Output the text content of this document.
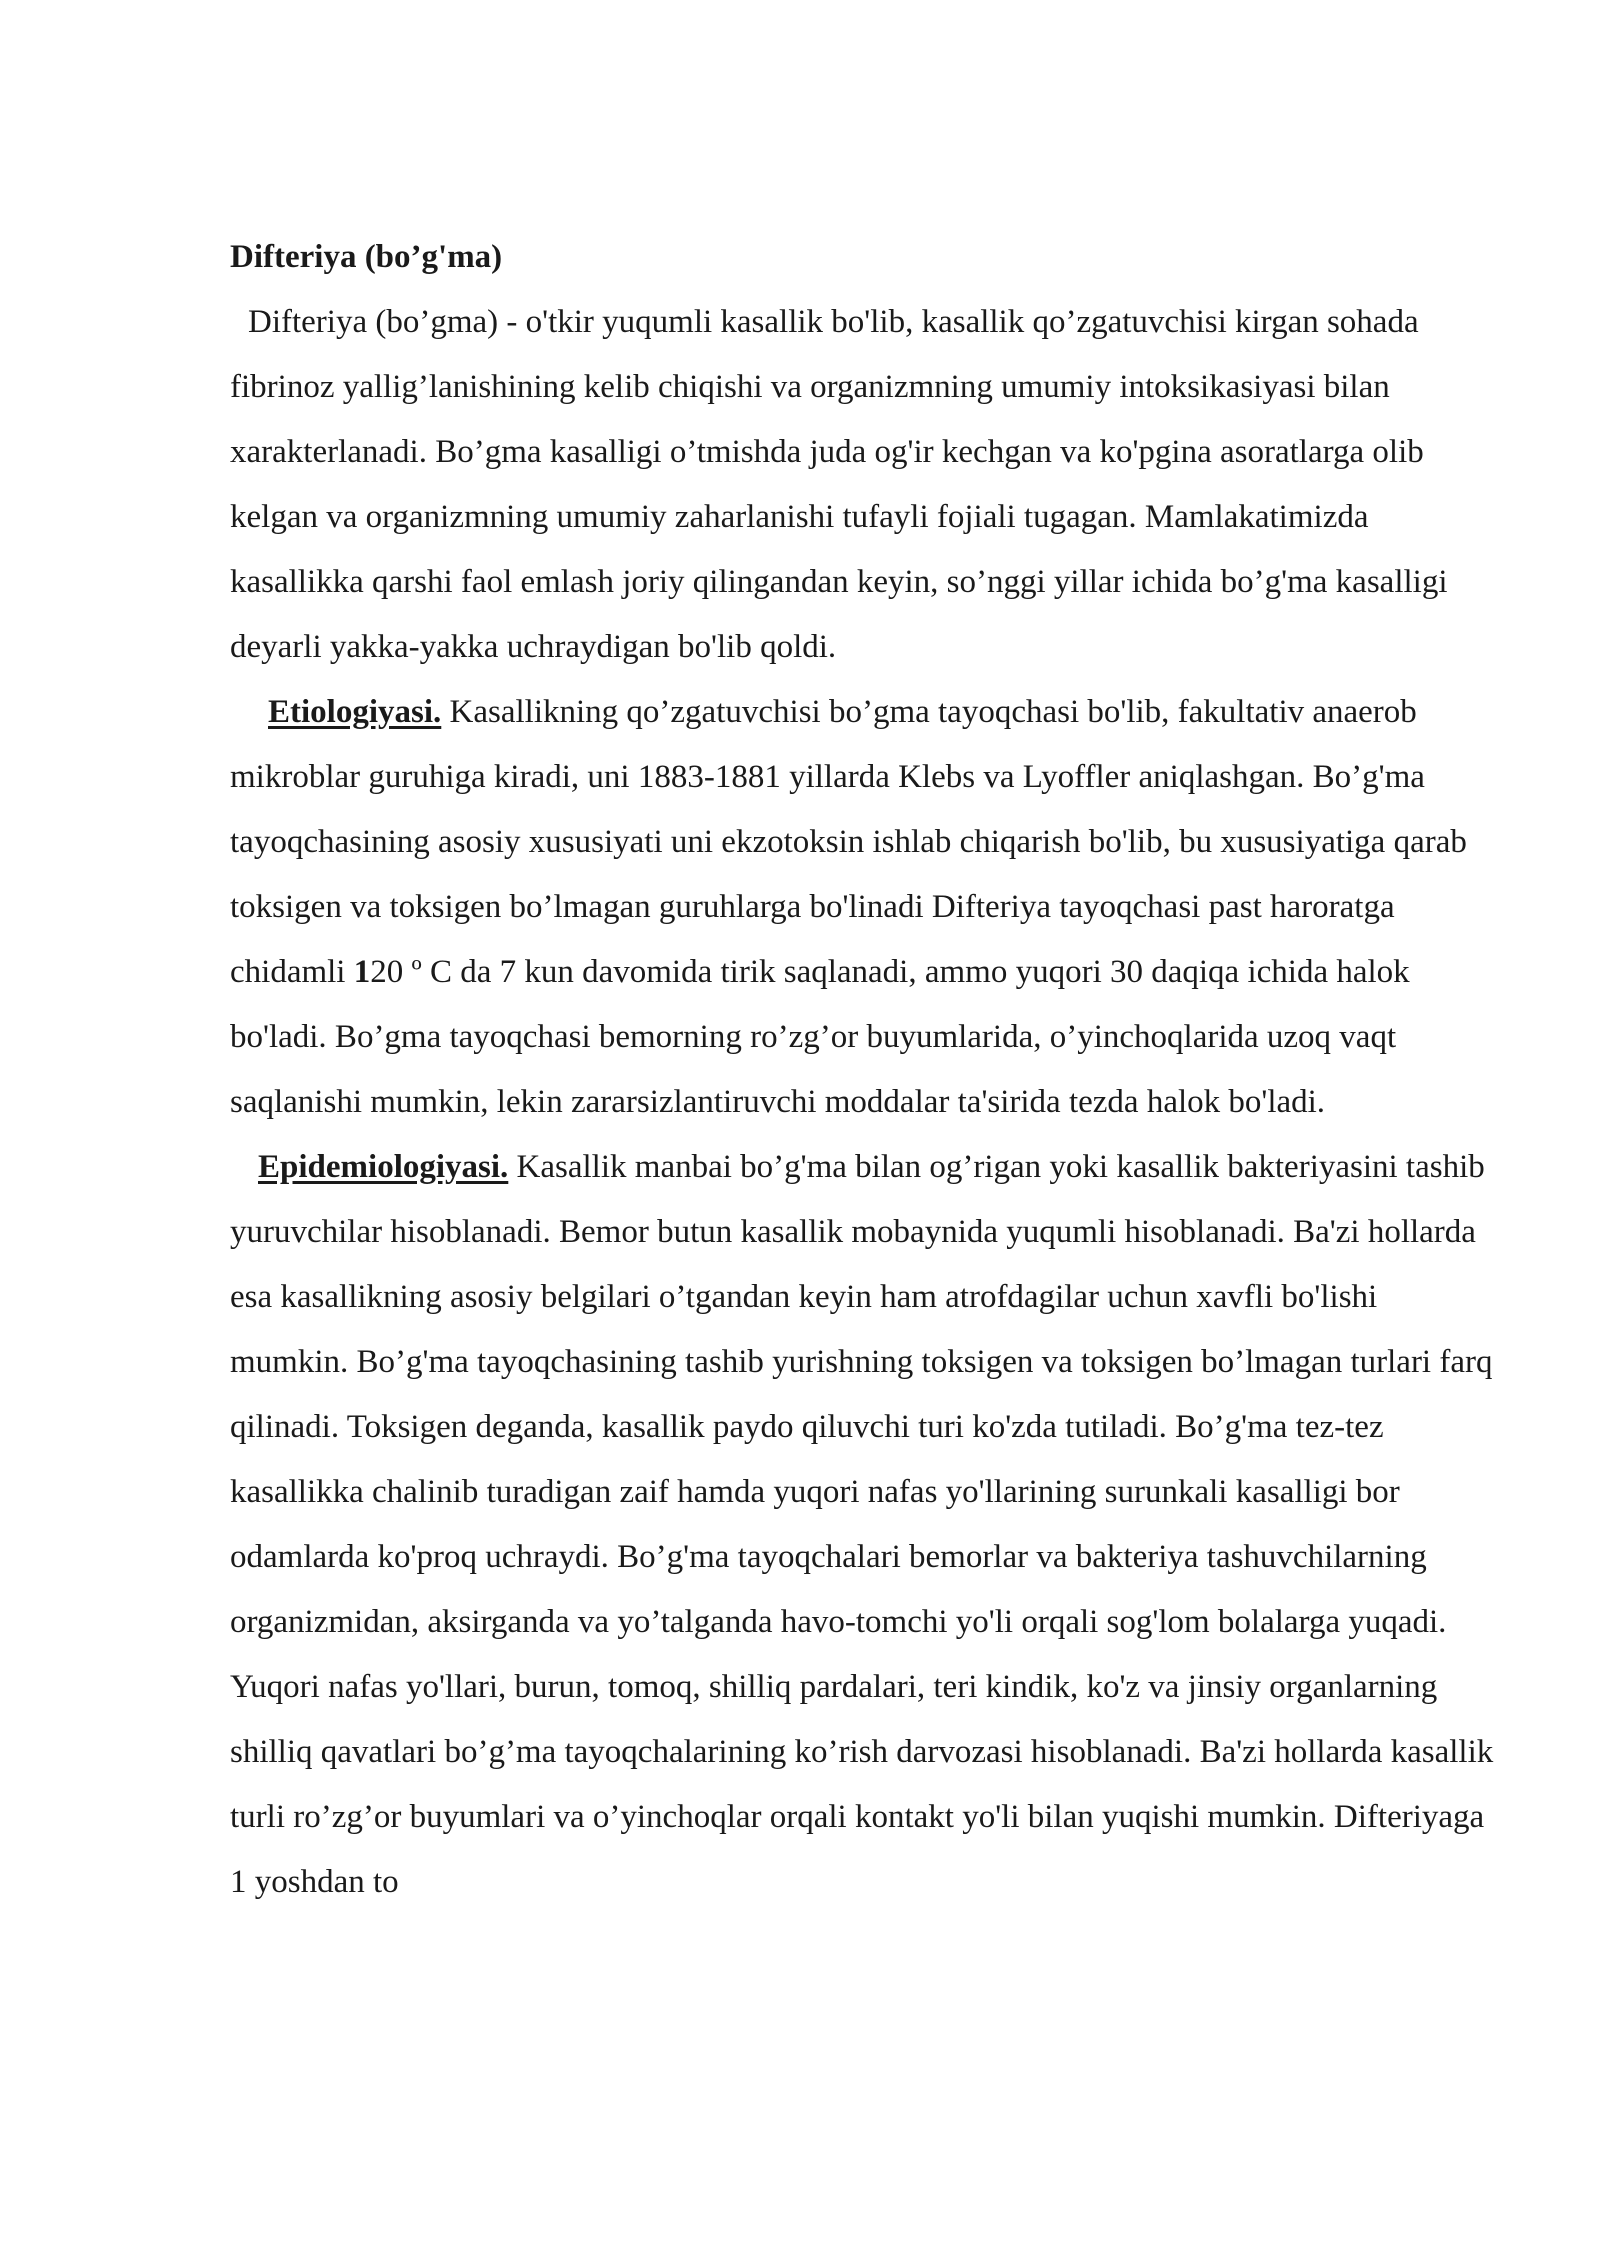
Difteriya (bo’g'ma)

Difteriya (bo’gma) - o'tkir yuqumli kasallik bo'lib, kasallik qo’zgatuvchisi kirgan sohada fibrinoz yallig’lanishining kelib chiqishi va organizmning umumiy intoksikasiyasi bilan xarakterlanadi. Bo’gma kasalligi o’tmishda juda og'ir kechgan va ko'pgina asoratlarga olib kelgan va organizmning umumiy zaharlanishi tufayli fojiali tugagan. Mamlakatimizda kasallikka qarshi faol emlash joriy qilingandan keyin, so’nggi yillar ichida bo’g'ma kasalligi deyarli yakka-yakka uchraydigan bo'lib qoldi.

Etiologiyasi. Kasallikning qo’zgatuvchisi bo’gma tayoqchasi bo'lib, fakultativ anaerob mikroblar guruhiga kiradi, uni 1883-1881 yillarda Klebs va Lyoffler aniqlashgan. Bo’g'ma tayoqchasining asosiy xususiyati uni ekzotoksin ishlab chiqarish bo'lib, bu xususiyatiga qarab toksigen va toksigen bo’lmagan guruhlarga bo'linadi Difteriya tayoqchasi past haroratga chidamli 120 º C da 7 kun davomida tirik saqlanadi, ammo yuqori 30 daqiqa ichida halok bo'ladi. Bo’gma tayoqchasi bemorning ro’zg’or buyumlarida, o’yinchoqlarida uzoq vaqt saqlanishi mumkin, lekin zararsizlantiruvchi moddalar ta'sirida tezda halok bo'ladi.

Epidemiologiyasi. Kasallik manbai bo’g'ma bilan og’rigan yoki kasallik bakteriyasini tashib yuruvchilar hisoblanadi. Bemor butun kasallik mobaynida yuqumli hisoblanadi. Ba'zi hollarda esa kasallikning asosiy belgilari o’tgandan keyin ham atrofdagilar uchun xavfli bo'lishi mumkin. Bo’g'ma tayoqchasining tashib yurishning toksigen va toksigen bo’lmagan turlari farq qilinadi. Toksigen deganda, kasallik paydo qiluvchi turi ko'zda tutiladi. Bo’g'ma tez-tez kasallikka chalinib turadigan zaif hamda yuqori nafas yo'llarining surunkali kasalligi bor odamlarda ko'proq uchraydi. Bo’g'ma tayoqchalari bemorlar va bakteriya tashuvchilarning organizmidan, aksirganda va yo’talganda havo-tomchi yo'li orqali sog'lom bolalarga yuqadi. Yuqori nafas yo'llari, burun, tomoq, shilliq pardalari, teri kindik, ko'z va jinsiy organlarning shilliq qavatlari bo’g’ma tayoqchalarining ko’rish darvozasi hisoblanadi. Ba'zi hollarda kasallik turli ro’zg’or buyumlari va o’yinchoqlar orqali kontakt yo'li bilan yuqishi mumkin. Difteriyaga 1 yoshdan to
